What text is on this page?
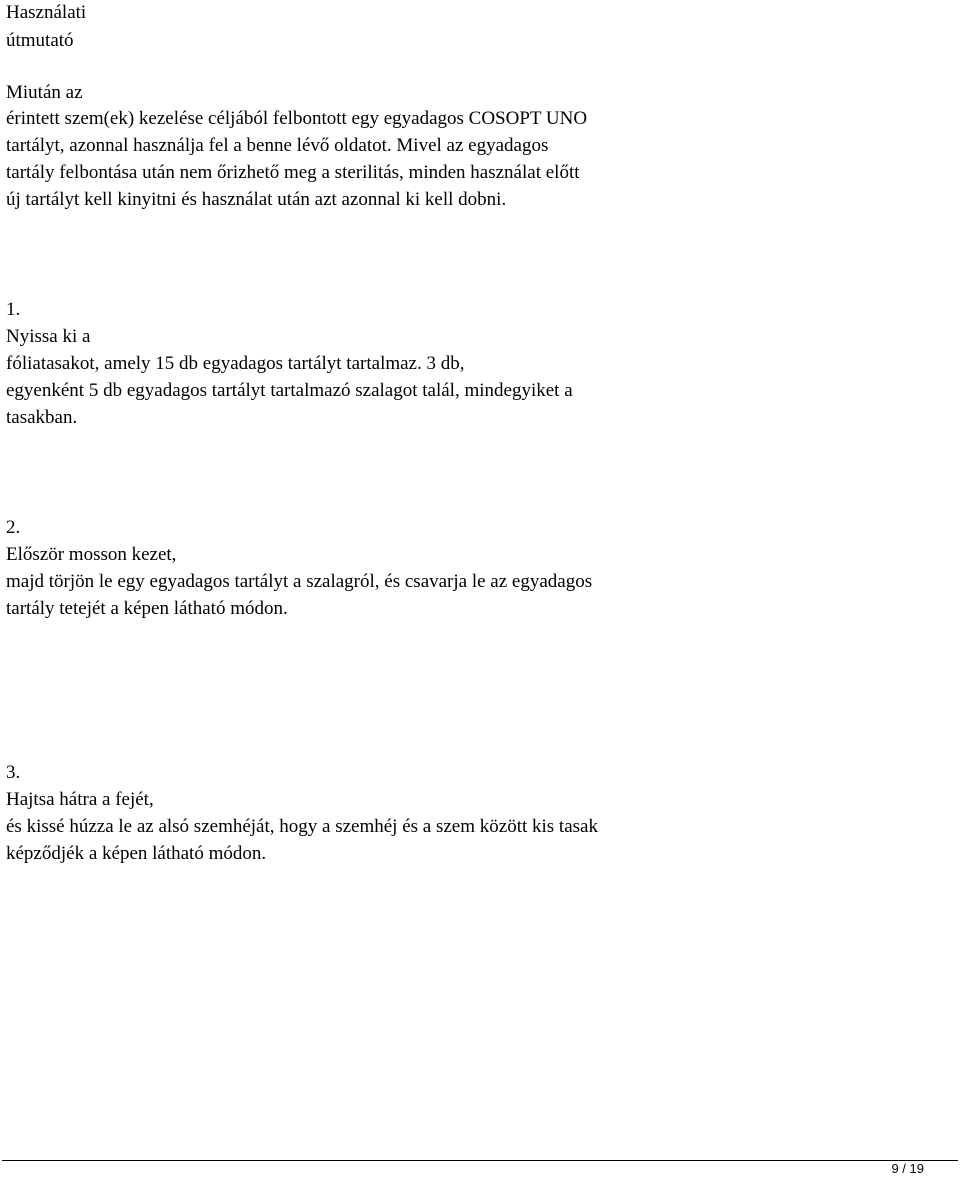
Használati
útmutató
Miután az
érintett szem(ek) kezelése céljából felbontott egy egyadagos COSOPT UNO
tartályt, azonnal használja fel a benne lévő oldatot. Mivel az egyadagos
tartály felbontása után nem őrizhető meg a sterilitás, minden használat előtt
új tartályt kell kinyitni és használat után azt azonnal ki kell dobni.
1.
Nyissa ki a
fóliatasakot, amely 15 db egyadagos tartályt tartalmaz. 3 db,
egyenként 5 db egyadagos tartályt tartalmazó szalagot talál, mindegyiket a
tasakban.
2.
Először mosson kezet,
majd törjön le egy egyadagos tartályt a szalagról, és csavarja le az egyadagos
tartály tetejét a képen látható módon.
3.
Hajtsa hátra a fejét,
és kissé húzza le az alsó szemhéját, hogy a szemhéj és a szem között kis tasak
képződjék a képen látható módon.
9 / 19
